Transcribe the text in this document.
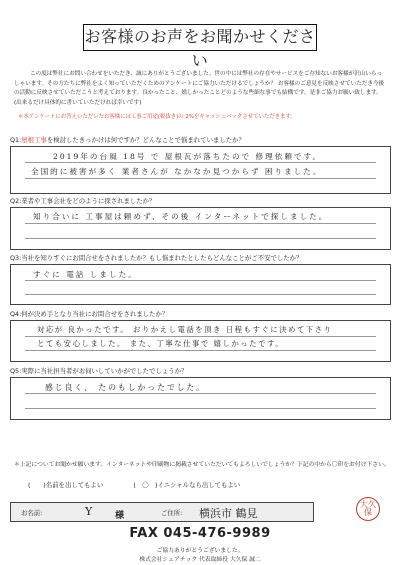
お客様のお声をお聞かせください
この度は弊社にお問い合わせをいただき、誠にありがとうございました。世の中には弊社の存在やサービスをご存知ないお客様が沢山いらっしゃいます。その方たちに弊社をよく知っていただくためのアンケートにご協力いただけるでしょうか？ お客様のご意見を反映させていただき今後の活動に反映させていただこうと考えております。良かったこと、嬉しかったことどのような些細な事でも結構です。是非ご協力お願い致します。(出来るだけ具体的に書いていただければ幸いです)
＊本アンケートにお答えいただいたお客様には工事ご用途(税抜き)の 2%をキャッシュバックさせていただきます。
Q1:屋根工事を検討したきっかけは何ですか？どんなことで悩まれていましたか？
2019年の台風 18号 で 屋根瓦が落ちたので 修理依頼です。
全国的に被害が多く 業者さんが なかなか見つからず 困りました。
Q2:業者や工事会社をどのように探されましたか？
知り合いに 工事屋は頼めず、その後 インターネットで探しました。
Q3:当社を知りすぐにお問合せをされましたか？もし悩まれたとしたらどんなことがご不安でしたか？
すぐに 電話 しました。
Q4:何が決め手となり当社にお問合せをされましたか？
対応が 良かったです。 おりかえし電話を頂き 日程もすぐに決めて下さり
とても安心しました。 また、丁寧な仕事で 嬉しかったです。
Q5:実際に当社担当者がお伺いしていかがでしたでしょうか？
感じ良く、 たのもしかったでした。
＊上記についてお聞かせ願います。インターネットや印刷物に掲載させていただいてもよろしいでしょうか？下記の中から〇印をお付け下さい。
(　　)名前を出してもよい	(　〇　)イニシャルなら出してもよい
お名前:	Y	様	ご住所: 横浜市 鶴見
大久保
FAX 045-476-9989
ご協力ありがとうございました。
株式会社シェアテック 代表取締役 大久保 誠二
